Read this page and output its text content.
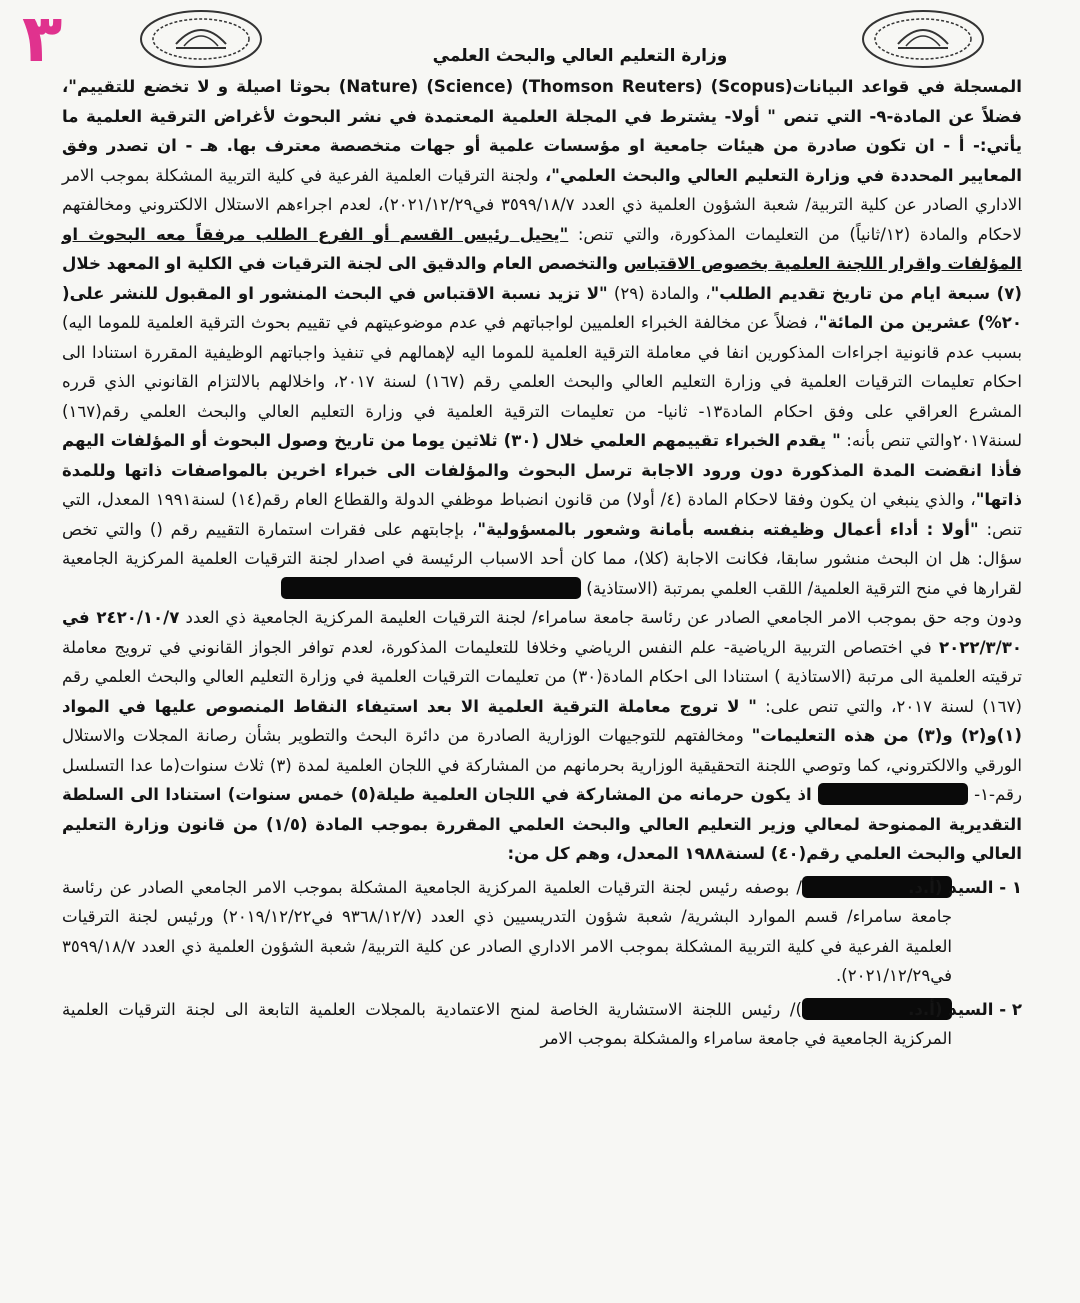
٣	وزارة التعليم العالي والبحث العلمي

المسجلة في قواعد البيانات(Scopus) (Thomson Reuters) (Science) (Nature) بحوثا اصيلة و لا تخضع للتقييم"، فضلاً عن المادة-٩- التي تنص " أولا- يشترط في المجلة العلمية المعتمدة في نشر البحوث لأغراض الترقية العلمية ما يأتي:- أ - ان تكون صادرة من هيئات جامعية او مؤسسات علمية أو جهات متخصصة معترف بها. هـ - ان تصدر وفق المعايير المحددة في وزارة التعليم العالي والبحث العلمي"، ولجنة الترقيات العلمية الفرعية في كلية التربية المشكلة بموجب الامر الاداري الصادر عن كلية التربية/ شعبة الشؤون العلمية ذي العدد ٣٥٩٩/١٨/٧ في٢٠٢١/١٢/٢٩)، لعدم اجراءهم الاستلال الالكتروني ومخالفتهم لاحكام والمادة (١٢/ثانياً) من التعليمات المذكورة، والتي تنص: "يحيل رئيس القسم أو الفرع الطلب مرفقاً معه البحوث او المؤلفات واقرار اللجنة العلمية بخصوص الاقتباس والتخصص العام والدقيق الى لجنة الترقيات في الكلية او المعهد خلال (٧) سبعة ايام من تاريخ تقديم الطلب"، والمادة (٢٩) "لا تزيد نسبة الاقتباس في البحث المنشور او المقبول للنشر على( ٢٠%) عشرين من المائة"، فضلاً عن مخالفة الخبراء العلميين لواجباتهم في عدم موضوعيتهم في تقييم بحوث الترقية العلمية للموما اليه) بسبب عدم قانونية اجراءات المذكورين انفا في معاملة الترقية العلمية للموما اليه لإهمالهم في تنفيذ واجباتهم الوظيفية المقررة استنادا الى احكام تعليمات الترقيات العلمية في وزارة التعليم العالي والبحث العلمي رقم (١٦٧) لسنة ٢٠١٧، واخلالهم بالالتزام القانوني الذي قرره المشرع العراقي على وفق احكام المادة١٣- ثانيا- من تعليمات الترقية العلمية في وزارة التعليم العالي والبحث العلمي رقم(١٦٧) لسنة٢٠١٧والتي تنص بأنه: " يقدم الخبراء تقييمهم العلمي خلال (٣٠) ثلاثين يوما من تاريخ وصول البحوث أو المؤلفات اليهم فأذا انقضت المدة المذكورة دون ورود الاجابة ترسل البحوث والمؤلفات الى خبراء اخرين بالمواصفات ذاتها وللمدة ذاتها"، والذي ينبغي ان يكون وفقا لاحكام المادة (٤/ أولا) من قانون انضباط موظفي الدولة والقطاع العام رقم(١٤) لسنة١٩٩١ المعدل، التي تنص: "أولا : أداء أعمال وظيفته بنفسه بأمانة وشعور بالمسؤولية"، بإجابتهم على فقرات استمارة التقييم رقم () والتي تخص سؤال: هل ان البحث منشور سابقا، فكانت الاجابة (كلا)، مما كان أحد الاسباب الرئيسة في اصدار لجنة الترقيات العلمية المركزية الجامعية لقرارها في منح الترقية العلمية/ اللقب العلمي بمرتبة (الاستاذية)

ودون وجه حق بموجب الامر الجامعي الصادر عن رئاسة جامعة سامراء/ لجنة الترقيات العليمة المركزية الجامعية ذي العدد ٢٤٢٠/١٠/٧ في ٢٠٢٢/٣/٣٠ في اختصاص التربية الرياضية- علم النفس الرياضي وخلافا للتعليمات المذكورة، لعدم توافر الجواز القانوني في ترويج معاملة ترقيته العلمية الى مرتبة (الاستاذية ) استنادا الى احكام المادة(٣٠) من تعليمات الترقيات العلمية في وزارة التعليم العالي والبحث العلمي رقم (١٦٧) لسنة ٢٠١٧، والتي تنص على: " لا تروج معاملة الترقية العلمية الا بعد استيفاء النقاط المنصوص عليها في المواد (١)و(٢) و(٣) من هذه التعليمات" ومخالفتهم للتوجيهات الوزارية الصادرة من دائرة البحث والتطوير بشأن رصانة المجلات والاستلال الورقي والالكتروني، كما وتوصي اللجنة التحقيقية الوزارية بحرمانهم من المشاركة في اللجان العلمية لمدة (٣) ثلاث سنوات(ما عدا التسلسل رقم-١-  اذ يكون حرمانه من المشاركة في اللجان العلمية طيلة(٥) خمس سنوات) استنادا الى السلطة التقديرية الممنوحة لمعالي وزير التعليم العالي والبحث العلمي المقررة بموجب المادة (١/٥) من قانون وزارة التعليم العالي والبحث العلمي رقم(٤٠) لسنة١٩٨٨ المعدل، وهم كل من:

١ - السيد (أ.د.
/ بوصفه رئيس لجنة الترقيات العلمية المركزية الجامعية المشكلة بموجب الامر الجامعي الصادر عن رئاسة جامعة سامراء/ قسم الموارد البشرية/ شعبة شؤون التدريسيين ذي العدد (٩٣٦٨/١٢/٧ في٢٠١٩/١٢/٢٢) ورئيس لجنة الترقيات العلمية الفرعية في كلية التربية المشكلة بموجب الامر الاداري الصادر عن كلية التربية/ شعبة الشؤون العلمية ذي العدد ٣٥٩٩/١٨/٧ في٢٠٢١/١٢/٢٩).
٢ - السيد (أ.د.
)/ رئيس اللجنة الاستشارية الخاصة لمنح الاعتمادية بالمجلات العلمية التابعة الى لجنة الترقيات العلمية المركزية الجامعية في جامعة سامراء والمشكلة بموجب الامر
